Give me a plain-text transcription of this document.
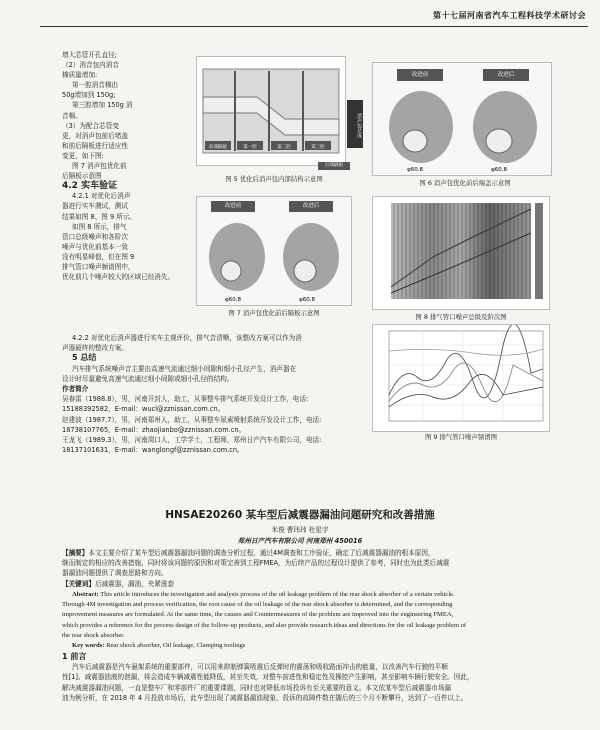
第十七届河南省汽车工程科技学术研讨会

增大芯管开孔直径;

（2）消音包内消音

棉质量增加:

第一腔消音棉由

50g增加到 150g;

第三腔增加 150g 消

音棉。

（3）为配合芯管变

更，对消声包前后堵盖

和前后隔板进行适应性

变更，如下图:

图 7 消声包优化前

后隔板示意图

4.2 实车验证

4.2.1 对优化后消声

器进行实车测试，测试

结果如图 8、图 9 所示。

如图 8 所示，排气

管口总级噪声和各阶次

噪声与优化前基本一致

没有明显峰值，但在图 9

排气管口噪声频谱图中，

优化前几个噪声较大的区域已经消失。

前端隔板	第一腔	第二腔	第三腔
消声包总成
后端隔板
图 5 优化后消声包内部结构示意图
改进前	改进后
φ60.8	φ60.8
图 6 消声包优化前后端盖示意图
改进前	改进后
φ60.8	φ60.8
图 7 消声包优化前后隔板示意图	图 8 排气管口噪声总级及阶次图
图 9 排气管口噪声频谱图

4.2.2 对优化后消声器进行实车主观评价，排气音清晰，该整改方案可以作为消

声器最终的整改方案。

5 总结

汽车排气系统噪声音主要由高速气流通过细小间隙和细小孔径产生，消声器在

设计时尽量避免高速气流通过细小间隙或细小孔径的结构。

作者简介

吴春雷（1988.8），男，河南开封人，助工，从事整车排气系统开发设计工作，电话:

15188392582，E-mail：wucl@zznissan.com.cn。

赵建波（1987.7），男，河南郑州人，助工，从事整车尿素喷射系统开发设计工作，电话:

18738107765，E-mail：zhaojianbo@zznissan.com.cn。

王龙飞（1989.3），男，河南周口人，工学学士，工程师，郑州日产汽车有限公司，电话:

18137101631，E-mail：wanglongf@zznissan.com.cn。

HNSAE20260 某车型后减震器漏油问题研究和改善措施
米俊 曹玮玮 杜星宇
郑州日产汽车有限公司 河南郑州 450016

【摘要】本文主要介绍了某车型后减震器漏油问题的调查分析过程，通过4M调查和工序验证，确定了后减震器漏油的根本原因，

继而制定的相应的改善措施，同时将该问题的原因和对策完善到工程FMEA，为后续产品的过程设计提供了参考，同时也为此类后减震

器漏油问题提供了调查思路和方向。

【关键词】后减震器，漏油，夹紧涨套

Abstract: This article introduces the investigation and analysis process of the oil leakage problem of the rear shock absorber of a certain vehicle.

Through 4M investigation and process verification, the root cause of the oil leakage of the rear shock absorber is determined, and the corresponding

improvement measures are formulated. At the same time, the causes and Countermeasures of the problem are improved into the engineering FMEA,

which provides a reference for the process design of the follow-up products, and also provide research ideas and directions for the oil leakage problem of

the rear shock absorber.

Key words: Rear shock absorber, Oil leakage, Clamping toolings

1 前言

汽车后减震器是汽车悬架系统的重要部件，可以用来抑制弹簧吸震后反弹时的震荡和吸收路面冲击的能量，以改善汽车行驶的平顺

性[1]。减震器油液的泄漏，将会造成车辆减震性能降低，甚至失效，对整车前进性和稳定性及操控产生影响，甚至影响车辆行驶安全。因此，

解决减震器漏油问题，一直是整车厂和零部件厂的重要课题，同时也对降低市场投诉有至关重要的意义。本文依某车型后减震器市场漏

油为例分析，在 2018 年 4 月投放市场后，此车型出现了减震器漏油现象，投诉的故障件数在随后的三个月不断攀升，达到了一百件以上。
